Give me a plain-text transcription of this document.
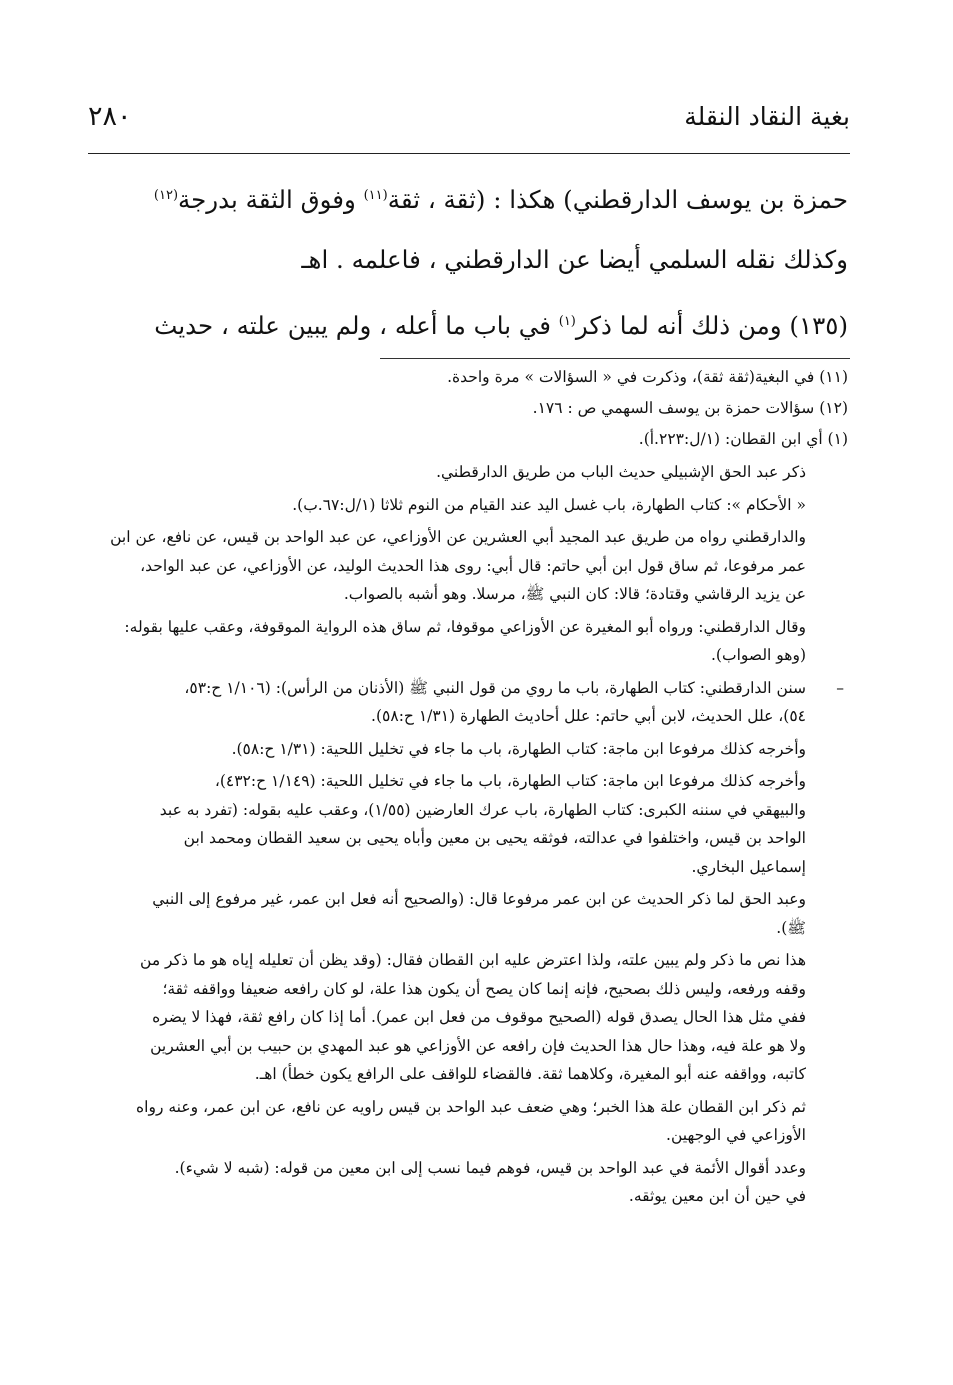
بغية النقاد النقلة
٢٨٠

حمزة بن يوسف الدارقطني) هكذا : (ثقة ، ثقة$^{(١١)}$ وفوق الثقة بدرجة$^{(١٢)}$

وكذلك نقله السلمي أيضا عن الدارقطني ، فاعلمه . اهـ

(١٣٥) ومن ذلك أنه لما ذكر$^{(١)}$ في باب ما أعله ، ولم يبين علته ، حديث

(١١) في البغية(ثقة ثقة)، وذكرت في « السؤالات » مرة واحدة.
(١٢) سؤالات حمزة بن يوسف السهمي ص : ١٧٦.
(١) أي ابن القطان: (١/ل:٢٢٣.أ).
ذكر عبد الحق الإشبيلي حديث الباب من طريق الدارقطني.
« الأحكام »: كتاب الطهارة، باب غسل اليد عند القيام من النوم ثلاثا (١/ل:٦٧.ب).
والدارقطني رواه من طريق عبد المجيد أبي العشرين عن الأوزاعي، عن عبد الواحد بن قيس، عن نافع، عن ابن
عمر مرفوعا، ثم ساق قول ابن أبي حاتم: قال أبي: روى هذا الحديث الوليد، عن الأوزاعي، عن عبد الواحد،
عن يزيد الرقاشي وقتادة؛ قالا: كان النبي ﷺ، مرسلا. وهو أشبه بالصواب.
وقال الدارقطني: ورواه أبو المغيرة عن الأوزاعي موقوفا، ثم ساق هذه الرواية الموقوفة، وعقب عليها بقوله:
(وهو الصواب).
–
سنن الدارقطني: كتاب الطهارة، باب ما روي من قول النبي ﷺ (الأذنان من الرأس): (١/١٠٦ ح:٥٣،
٥٤)، علل الحديث، لابن أبي حاتم: علل أحاديث الطهارة (١/٣١ ح:٥٨).
وأخرجه كذلك مرفوعا ابن ماجة: كتاب الطهارة، باب ما جاء في تخليل اللحية: (١/٣١ ح:٥٨).
وأخرجه كذلك مرفوعا ابن ماجة: كتاب الطهارة، باب ما جاء في تخليل اللحية: (١/١٤٩ ح:٤٣٢)،
والبيهقي في سننه الكبرى: كتاب الطهارة، باب عرك العارضين (١/٥٥)، وعقب عليه بقوله: (تفرد به عبد
الواحد بن قيس، واختلفوا في عدالته، فوثقه يحيى بن معين وأباه يحيى بن سعيد القطان ومحمد ابن
إسماعيل البخاري.
وعبد الحق لما ذكر الحديث عن ابن عمر مرفوعا قال: (والصحيح أنه فعل ابن عمر، غير مرفوع إلى النبي
ﷺ).
هذا نص ما ذكر ولم يبين علته، ولذا اعترض عليه ابن القطان فقال: (وقد يظن أن تعليله إياه هو ما ذكر من
وقفه ورفعه، وليس ذلك بصحيح، فإنه إنما كان يصح أن يكون هذا علة، لو كان رافعه ضعيفا وواقفه ثقة؛
ففي مثل هذا الحال يصدق قوله (الصحيح موقوف من فعل ابن عمر). أما إذا كان رافع ثقة، فهذا لا يضره
ولا هو علة فيه، وهذا حال هذا الحديث فإن رافعه عن الأوزاعي هو عبد المهدي بن حبيب بن أبي العشرين
كاتبه، وواقفه عنه أبو المغيرة، وكلاهما ثقة. فالقضاء للواقف على الرافع يكون خطأ) اهـ.
ثم ذكر ابن القطان علة هذا الخبر؛ وهي ضعف عبد الواحد بن قيس راويه عن نافع، عن ابن عمر، وعنه رواه
الأوزاعي في الوجهين.
وعدد أقوال الأئمة في عبد الواحد بن قيس، فوهم فيما نسب إلى ابن معين من قوله: (شبه لا شيء).
في حين أن ابن معين يوثقه.
